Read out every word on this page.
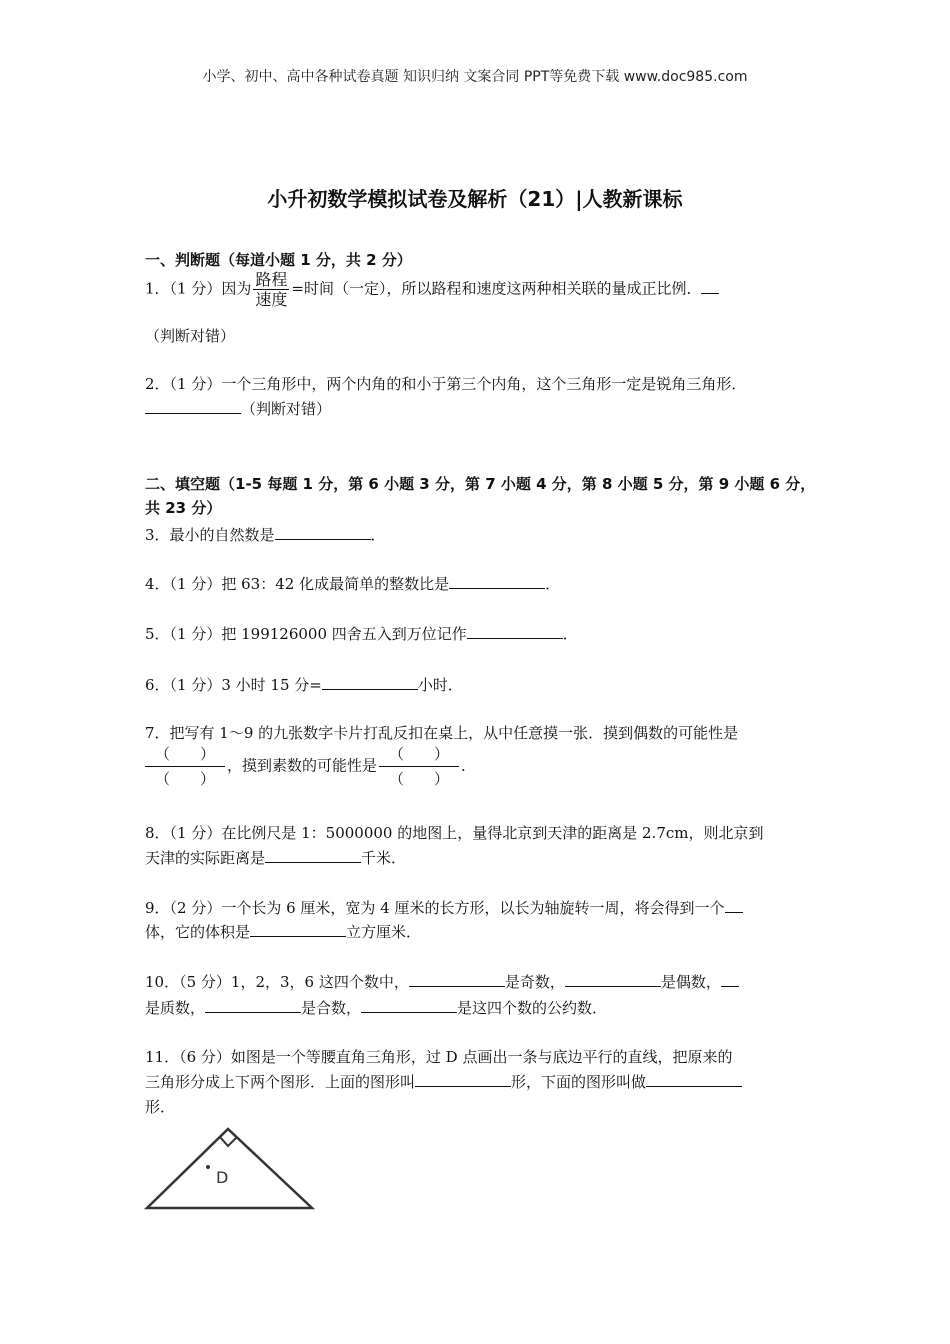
小学、初中、高中各种试卷真题 知识归纳 文案合同 PPT等免费下载 www.doc985.com
小升初数学模拟试卷及解析（21）|人教新课标
一、判断题（每道小题 1 分，共 2 分）
1．（1 分）因为 $\frac{\text{路程}}{\text{速度}}$ =时间（一定），所以路程和速度这两种相关联的量成正比例．
（判断对错）
2．（1 分）一个三角形中，两个内角的和小于第三个内角，这个三角形一定是锐角三角形．
（判断对错）
二、填空题（1-5 每题 1 分，第 6 小题 3 分，第 7 小题 4 分，第 8 小题 5 分，第 9 小题 6 分，
共 23 分）
3．最小的自然数是	．
4．（1 分）把 63：42 化成最简单的整数比是	．
5．（1 分）把 199126000 四舍五入到万位记作	．
6．（1 分）3 小时 15 分=	小时．
7．把写有 1～9 的九张数字卡片打乱反扣在桌上，从中任意摸一张．摸到偶数的可能性是
$\frac{( )}{( )}$ ，摸到素数的可能性是 $\frac{( )}{( )}$ ．
8．（1 分）在比例尺是 1：5000000 的地图上，量得北京到天津的距离是 2.7cm，则北京到
天津的实际距离是	千米．
9．（2 分）一个长为 6 厘米，宽为 4 厘米的长方形，以长为轴旋转一周，将会得到一个
体，它的体积是	立方厘米．
10．（5 分）1，2，3，6 这四个数中，	是奇数，	是偶数，
是质数，	是合数，	是这四个数的公约数．
11．（6 分）如图是一个等腰直角三角形，过 D 点画出一条与底边平行的直线，把原来的
三角形分成上下两个图形．上面的图形叫	形，下面的图形叫做
形．
D
